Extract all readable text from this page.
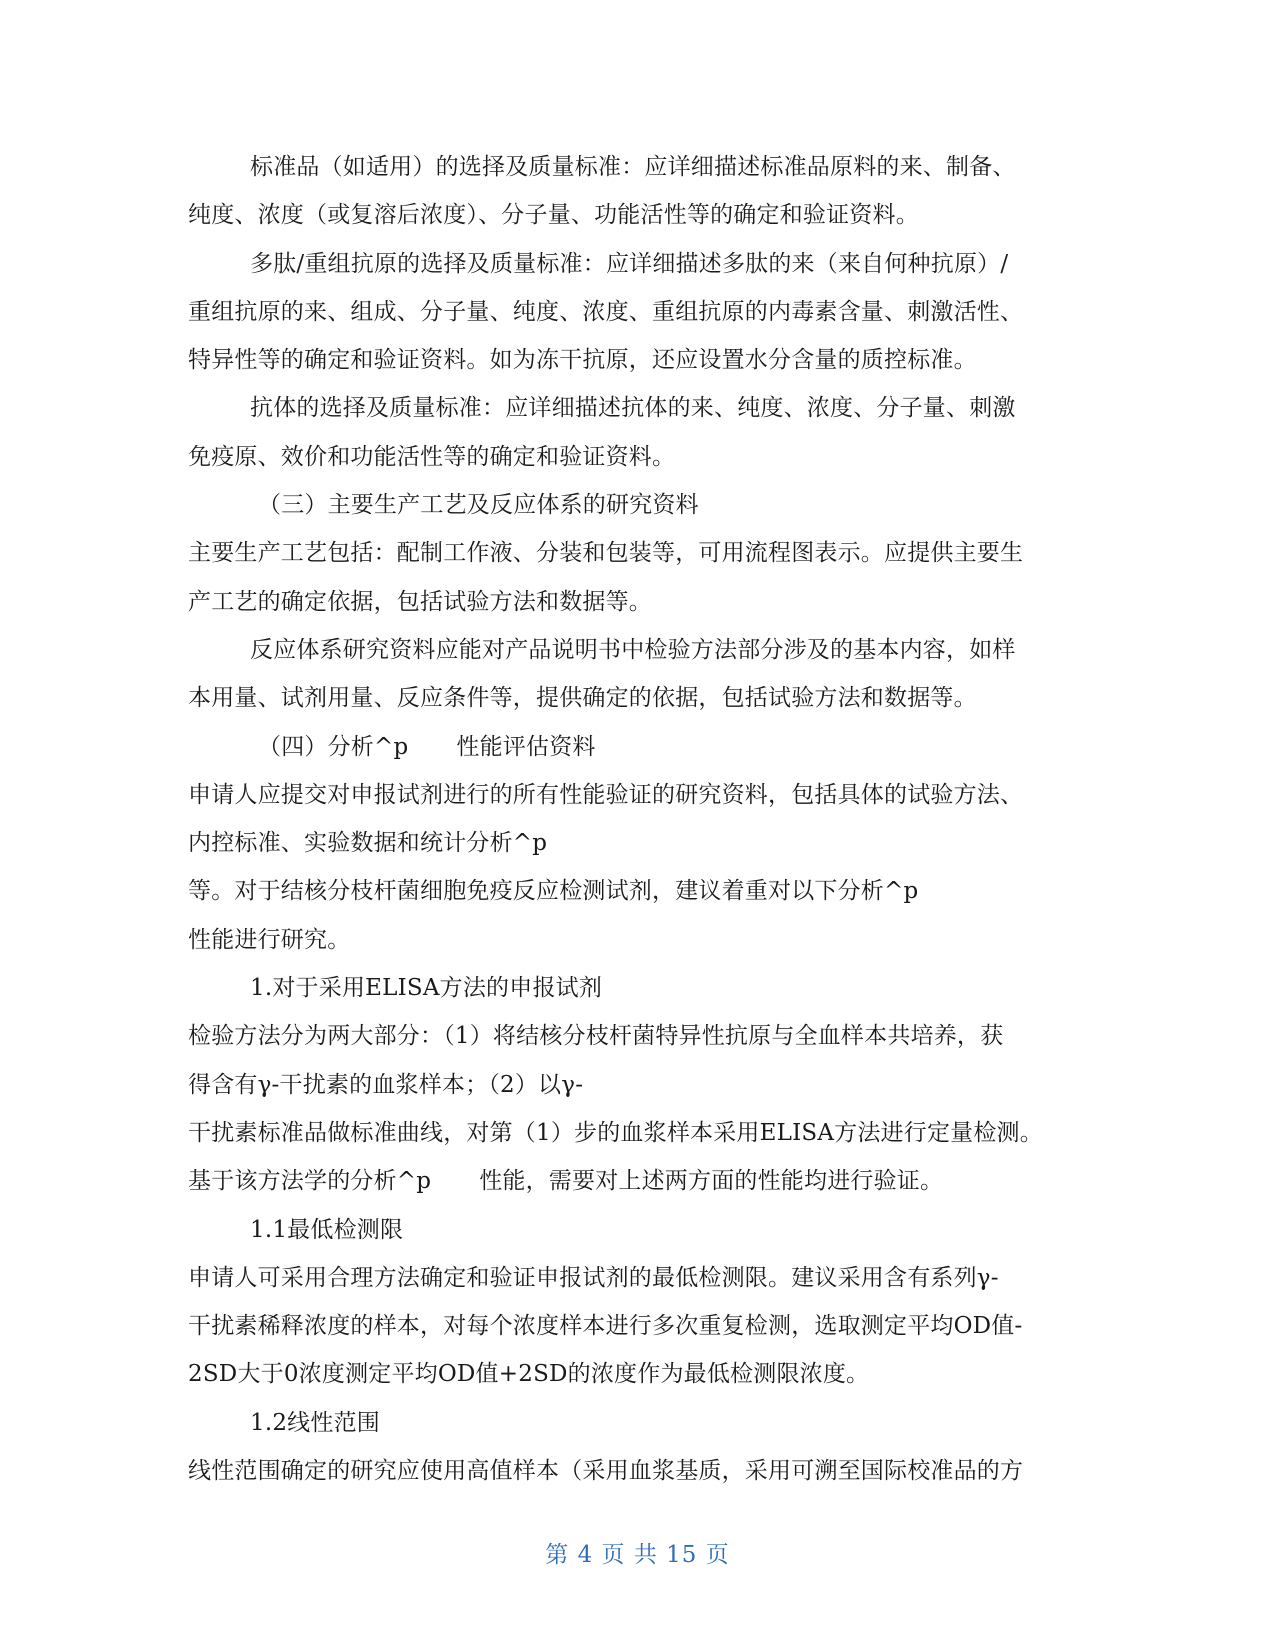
标准品（如适用）的选择及质量标准：应详细描述标准品原料的来、制备、
纯度、浓度（或复溶后浓度）、分子量、功能活性等的确定和验证资料。
多肽/重组抗原的选择及质量标准：应详细描述多肽的来（来自何种抗原）/
重组抗原的来、组成、分子量、纯度、浓度、重组抗原的内毒素含量、刺激活性、
特异性等的确定和验证资料。如为冻干抗原，还应设置水分含量的质控标准。
抗体的选择及质量标准：应详细描述抗体的来、纯度、浓度、分子量、刺激
免疫原、效价和功能活性等的确定和验证资料。
（三）主要生产工艺及反应体系的研究资料
主要生产工艺包括：配制工作液、分装和包装等，可用流程图表示。应提供主要生
产工艺的确定依据，包括试验方法和数据等。
反应体系研究资料应能对产品说明书中检验方法部分涉及的基本内容，如样
本用量、试剂用量、反应条件等，提供确定的依据，包括试验方法和数据等。
（四）分析^p 性能评估资料
申请人应提交对申报试剂进行的所有性能验证的研究资料，包括具体的试验方法、
内控标准、实验数据和统计分析^p
等。对于结核分枝杆菌细胞免疫反应检测试剂，建议着重对以下分析^p
性能进行研究。
1.对于采用ELISA方法的申报试剂
检验方法分为两大部分：（1）将结核分枝杆菌特异性抗原与全血样本共培养，获
得含有γ-干扰素的血浆样本；（2）以γ-
干扰素标准品做标准曲线，对第（1）步的血浆样本采用ELISA方法进行定量检测。
基于该方法学的分析^p 性能，需要对上述两方面的性能均进行验证。
1.1最低检测限
申请人可采用合理方法确定和验证申报试剂的最低检测限。建议采用含有系列γ-
干扰素稀释浓度的样本，对每个浓度样本进行多次重复检测，选取测定平均OD值-
2SD大于0浓度测定平均OD值+2SD的浓度作为最低检测限浓度。
1.2线性范围
线性范围确定的研究应使用高值样本（采用血浆基质，采用可溯至国际校准品的方
第 4 页 共 15 页
